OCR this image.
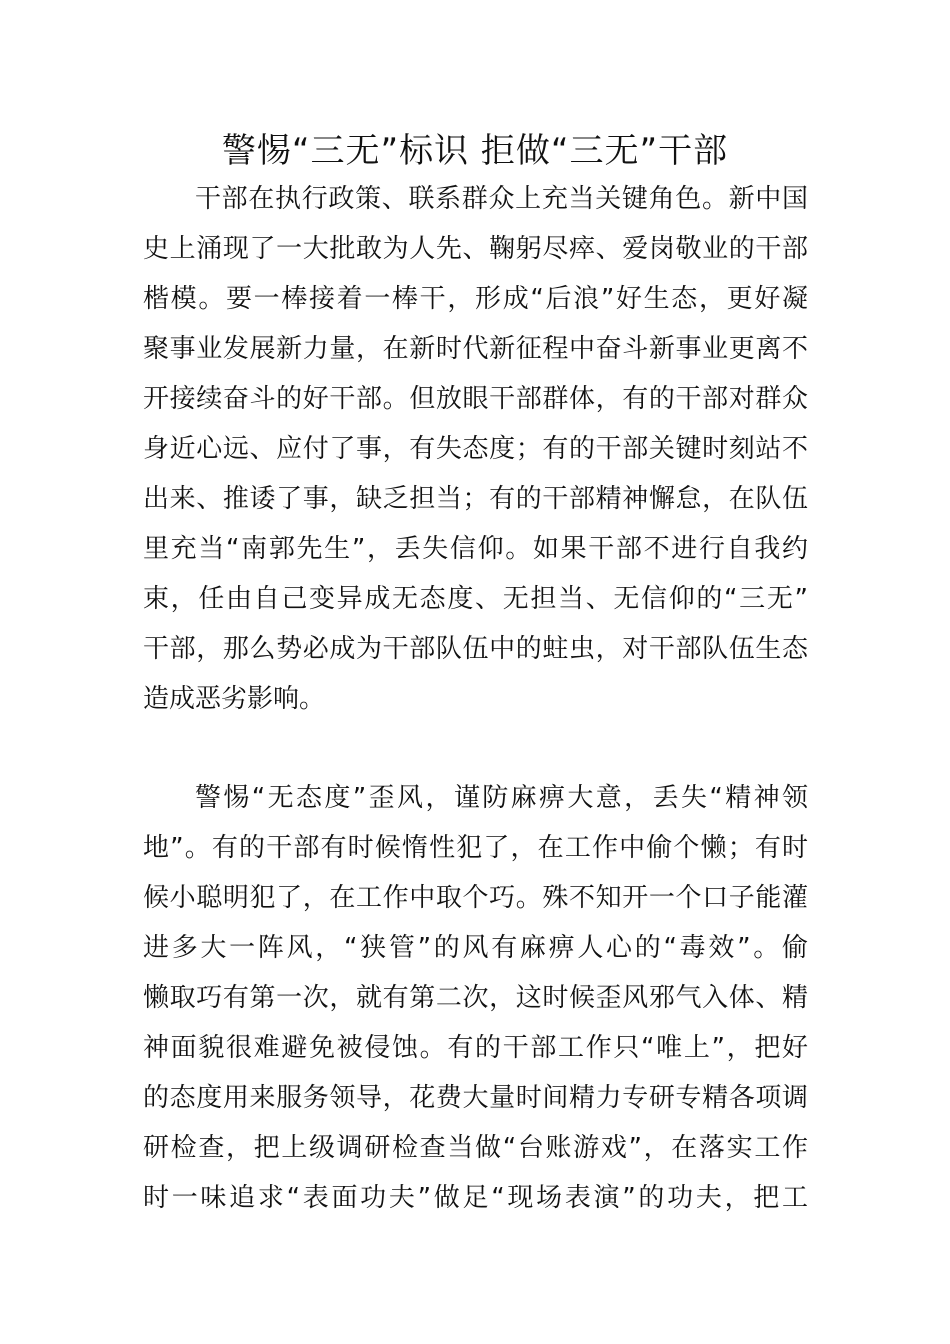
警惕“三无”标识 拒做“三无”干部
干部在执行政策、联系群众上充当关键角色。新中国
史上涌现了一大批敢为人先、鞠躬尽瘁、爱岗敬业的干部
楷模。要一棒接着一棒干，形成“后浪”好生态，更好凝
聚事业发展新力量，在新时代新征程中奋斗新事业更离不
开接续奋斗的好干部。但放眼干部群体，有的干部对群众
身近心远、应付了事，有失态度；有的干部关键时刻站不
出来、推诿了事，缺乏担当；有的干部精神懈怠，在队伍
里充当“南郭先生”，丢失信仰。如果干部不进行自我约
束，任由自己变异成无态度、无担当、无信仰的“三无”
干部，那么势必成为干部队伍中的蛀虫，对干部队伍生态
造成恶劣影响。
警惕“无态度”歪风，谨防麻痹大意，丢失“精神领
地”。有的干部有时候惰性犯了，在工作中偷个懒；有时
候小聪明犯了，在工作中取个巧。殊不知开一个口子能灌
进多大一阵风，“狭管”的风有麻痹人心的“毒效”。偷
懒取巧有第一次，就有第二次，这时候歪风邪气入体、精
神面貌很难避免被侵蚀。有的干部工作只“唯上”，把好
的态度用来服务领导，花费大量时间精力专研专精各项调
研检查，把上级调研检查当做“台账游戏”，在落实工作
时一味追求“表面功夫”做足“现场表演”的功夫，把工
